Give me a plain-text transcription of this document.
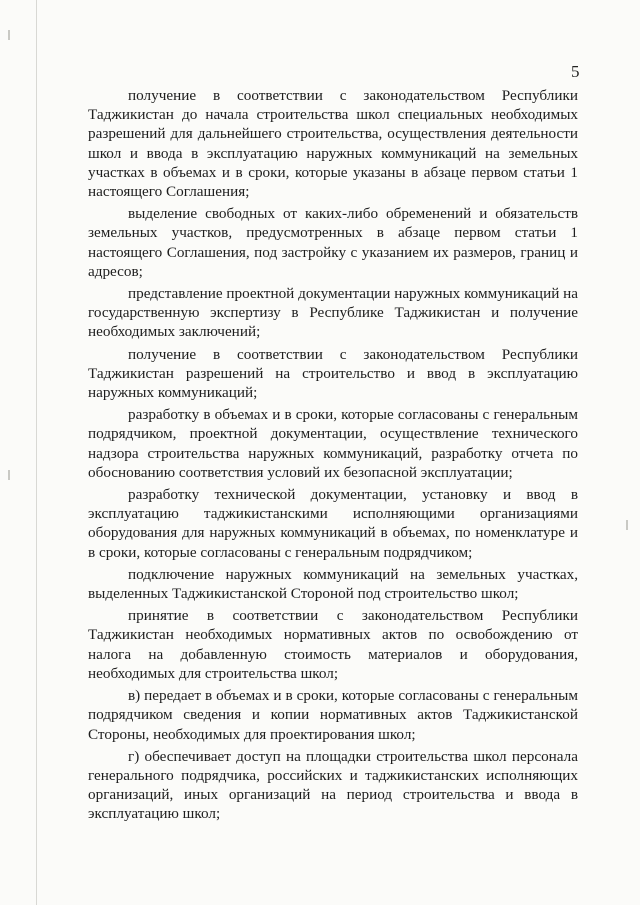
5

получение в соответствии с законодательством Республики Таджикистан до начала строительства школ специальных необходимых разрешений для дальнейшего строительства, осуществления деятельности школ и ввода в эксплуатацию наружных коммуникаций на земельных участках в объемах и в сроки, которые указаны в абзаце первом статьи 1 настоящего Соглашения;

выделение свободных от каких-либо обременений и обязательств земельных участков, предусмотренных в абзаце первом статьи 1 настоящего Соглашения, под застройку с указанием их размеров, границ и адресов;

представление проектной документации наружных коммуникаций на государственную экспертизу в Республике Таджикистан и получение необходимых заключений;

получение в соответствии с законодательством Республики Таджикистан разрешений на строительство и ввод в эксплуатацию наружных коммуникаций;

разработку в объемах и в сроки, которые согласованы с генеральным подрядчиком, проектной документации, осуществление технического надзора строительства наружных коммуникаций, разработку отчета по обоснованию соответствия условий их безопасной эксплуатации;

разработку технической документации, установку и ввод в эксплуатацию таджикистанскими исполняющими организациями оборудования для наружных коммуникаций в объемах, по номенклатуре и в сроки, которые согласованы с генеральным подрядчиком;

подключение наружных коммуникаций на земельных участках, выделенных Таджикистанской Стороной под строительство школ;

принятие в соответствии с законодательством Республики Таджикистан необходимых нормативных актов по освобождению от налога на добавленную стоимость материалов и оборудования, необходимых для строительства школ;

в) передает в объемах и в сроки, которые согласованы с генеральным подрядчиком сведения и копии нормативных актов Таджикистанской Стороны, необходимых для проектирования школ;

г) обеспечивает доступ на площадки строительства школ персонала генерального подрядчика, российских и таджикистанских исполняющих организаций, иных организаций на период строительства и ввода в эксплуатацию школ;
